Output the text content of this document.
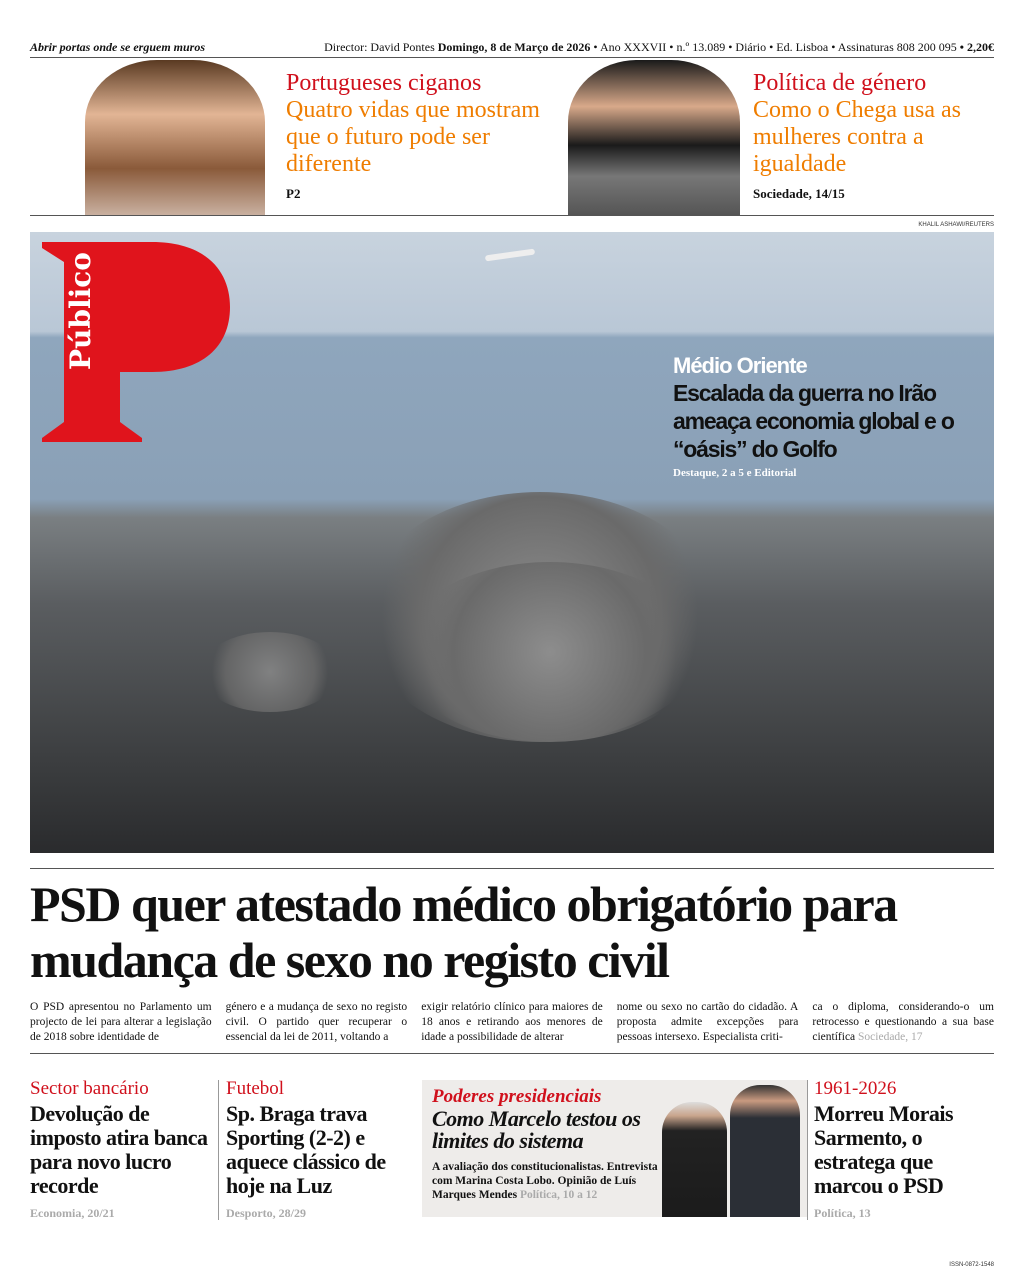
Abrir portas onde se erguem muros	Director: David Pontes Domingo, 8 de Março de 2026 • Ano XXXVII • n.º 13.089 • Diário • Ed. Lisboa • Assinaturas 808 200 095 • 2,20€
Portugueses ciganos
Quatro vidas que mostram que o futuro pode ser diferente
P2
Política de género
Como o Chega usa as mulheres contra a igualdade
Sociedade, 14/15
KHALIL ASHAWI/REUTERS
Público	Médio Oriente
Escalada da guerra no Irão ameaça economia global e o “oásis” do Golfo
Destaque, 2 a 5 e Editorial
PSD quer atestado médico obrigatório para mudança de sexo no registo civil

O PSD apresentou no Parlamento um projecto de lei para alterar a legislação de 2018 sobre identidade de

género e a mudança de sexo no registo civil. O partido quer recuperar o essencial da lei de 2011, voltando a

exigir relatório clínico para maiores de 18 anos e retirando aos menores de idade a possibilidade de alterar

nome ou sexo no cartão do cidadão. A proposta admite excepções para pessoas intersexo. Especialista criti-

ca o diploma, considerando-o um retrocesso e questionando a sua base científica Sociedade, 17

Sector bancário
Devolução de imposto atira banca para novo lucro recorde
Economia, 20/21
Futebol
Sp. Braga trava Sporting (2-2) e aquece clássico de hoje na Luz
Desporto, 28/29
Poderes presidenciais
Como Marcelo testou os limites do sistema
A avaliação dos constitucionalistas. Entrevista com Marina Costa Lobo. Opinião de Luís Marques Mendes Política, 10 a 12
1961-2026
Morreu Morais Sarmento, o estratega que marcou o PSD
Política, 13
ISSN-0872-1548
